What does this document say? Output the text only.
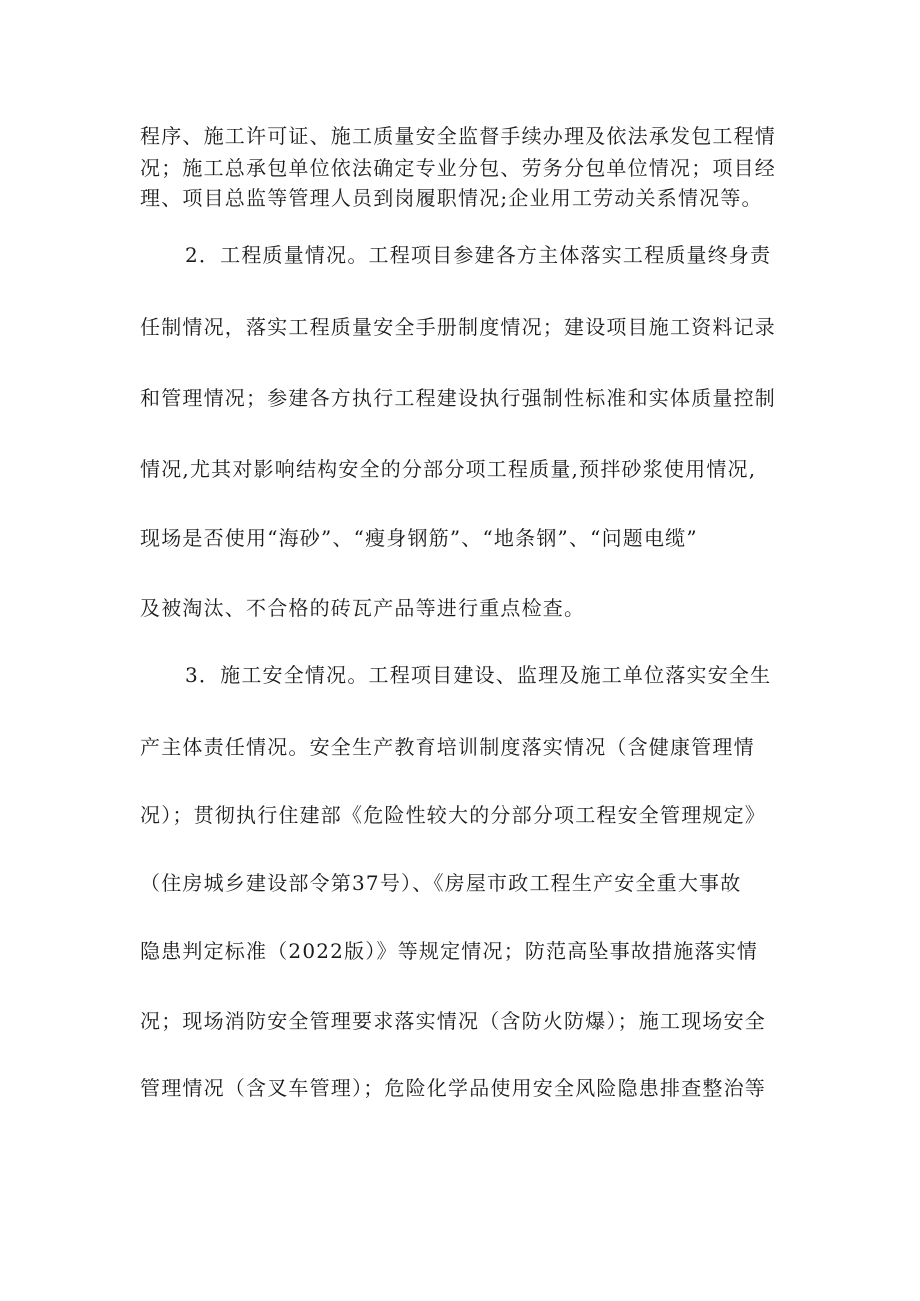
程序、施工许可证、施工质量安全监督手续办理及依法承发包工程情
况；施工总承包单位依法确定专业分包、劳务分包单位情况；项目经
理、项目总监等管理人员到岗履职情况;企业用工劳动关系情况等。
2．工程质量情况。工程项目参建各方主体落实工程质量终身责
任制情况，落实工程质量安全手册制度情况；建设项目施工资料记录
和管理情况；参建各方执行工程建设执行强制性标准和实体质量控制
情况,尤其对影响结构安全的分部分项工程质量,预拌砂浆使用情况,
现场是否使用“海砂”、“瘦身钢筋”、“地条钢”、“问题电缆”
及被淘汰、不合格的砖瓦产品等进行重点检查。
3．施工安全情况。工程项目建设、监理及施工单位落实安全生
产主体责任情况。安全生产教育培训制度落实情况（含健康管理情
况）；贯彻执行住建部《危险性较大的分部分项工程安全管理规定》
（住房城乡建设部令第37号）、《房屋市政工程生产安全重大事故
隐患判定标准（2022版）》等规定情况；防范高坠事故措施落实情
况；现场消防安全管理要求落实情况（含防火防爆）；施工现场安全
管理情况（含叉车管理）；危险化学品使用安全风险隐患排查整治等
